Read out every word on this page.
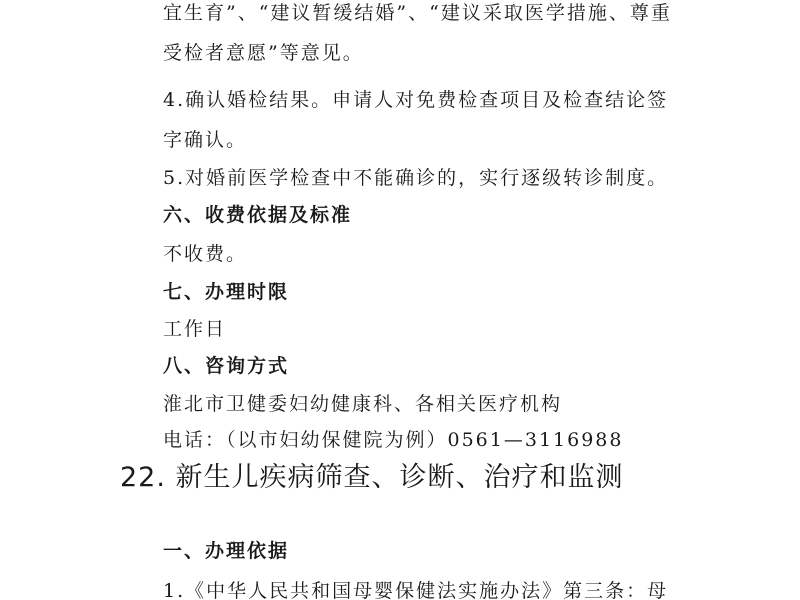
宜生育”、“建议暂缓结婚”、“建议采取医学措施、尊重
受检者意愿”等意见。
4.确认婚检结果。申请人对免费检查项目及检查结论签
字确认。
5.对婚前医学检查中不能确诊的，实行逐级转诊制度。
六、收费依据及标准
不收费。
七、办理时限
工作日
八、咨询方式
淮北市卫健委妇幼健康科、各相关医疗机构
电话：（以市妇幼保健院为例）0561—3116988
22. 新生儿疾病筛查、诊断、治疗和监测
一、办理依据
1.《中华人民共和国母婴保健法实施办法》第三条：母
